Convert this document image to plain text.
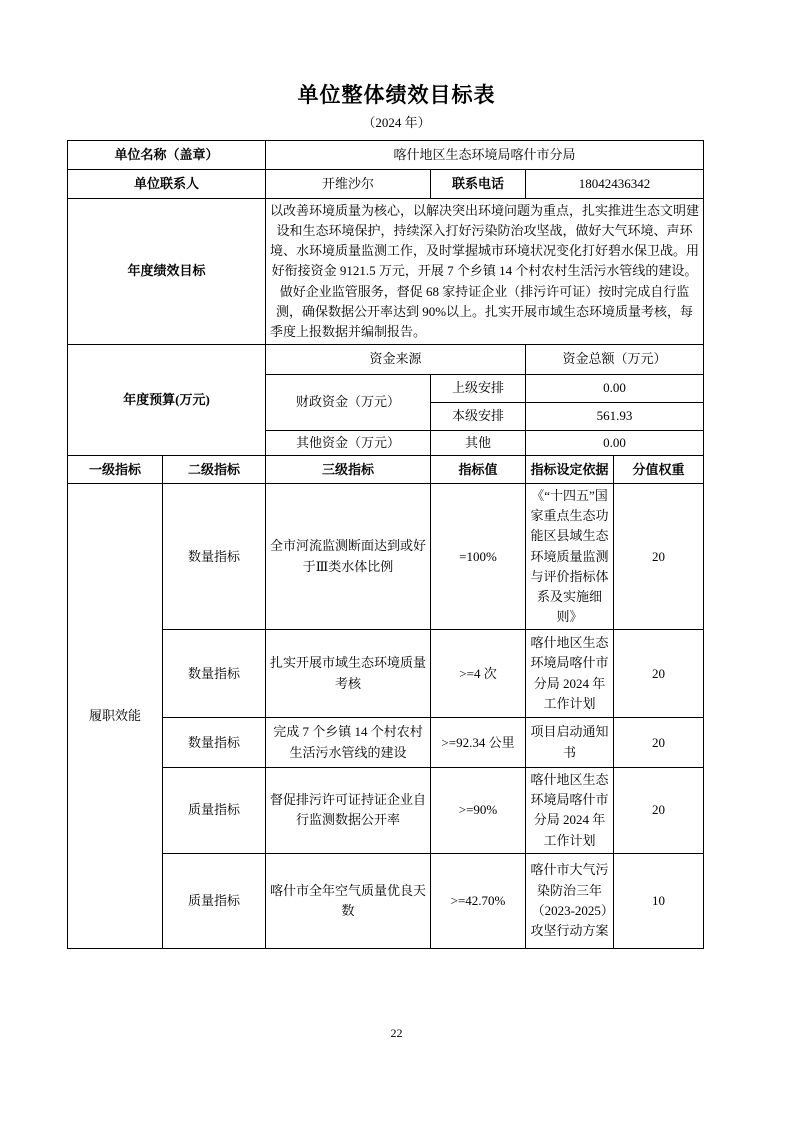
单位整体绩效目标表
（2024 年）
单位名称（盖章）		喀什地区生态环境局喀什市分局			
单位联系人		开维沙尔	联系电话	18042436342	
年度绩效目标		以改善环境质量为核心，以解决突出环境问题为重点，扎实推进生态文明建设和生态环境保护，持续深入打好污染防治攻坚战，做好大气环境、声环境、水环境质量监测工作，及时掌握城市环境状况变化打好碧水保卫战。用好衔接资金 9121.5 万元，开展 7 个乡镇 14 个村农村生活污水管线的建设。做好企业监管服务，督促 68 家持证企业（排污许可证）按时完成自行监测，确保数据公开率达到 90%以上。扎实开展市域生态环境质量考核，每季度上报数据并编制报告。			
年度预算(万元)		资金来源		资金总额（万元）	
		财政资金（万元）	上级安排	0.00	
			本级安排	561.93	
		其他资金（万元）	其他	0.00	
一级指标	二级指标	三级指标	指标值	指标设定依据	分值权重
履职效能	数量指标	全市河流监测断面达到或好于Ⅲ类水体比例	=100%	《“十四五”国家重点生态功能区县域生态环境质量监测与评价指标体系及实施细则》	20
	数量指标	扎实开展市域生态环境质量考核	>=4 次	喀什地区生态环境局喀什市分局 2024 年工作计划	20
	数量指标	完成 7 个乡镇 14 个村农村生活污水管线的建设	>=92.34 公里	项目启动通知书	20
	质量指标	督促排污许可证持证企业自行监测数据公开率	>=90%	喀什地区生态环境局喀什市分局 2024 年工作计划	20
	质量指标	喀什市全年空气质量优良天数	>=42.70%	喀什市大气污染防治三年（2023-2025）攻坚行动方案	10
22
